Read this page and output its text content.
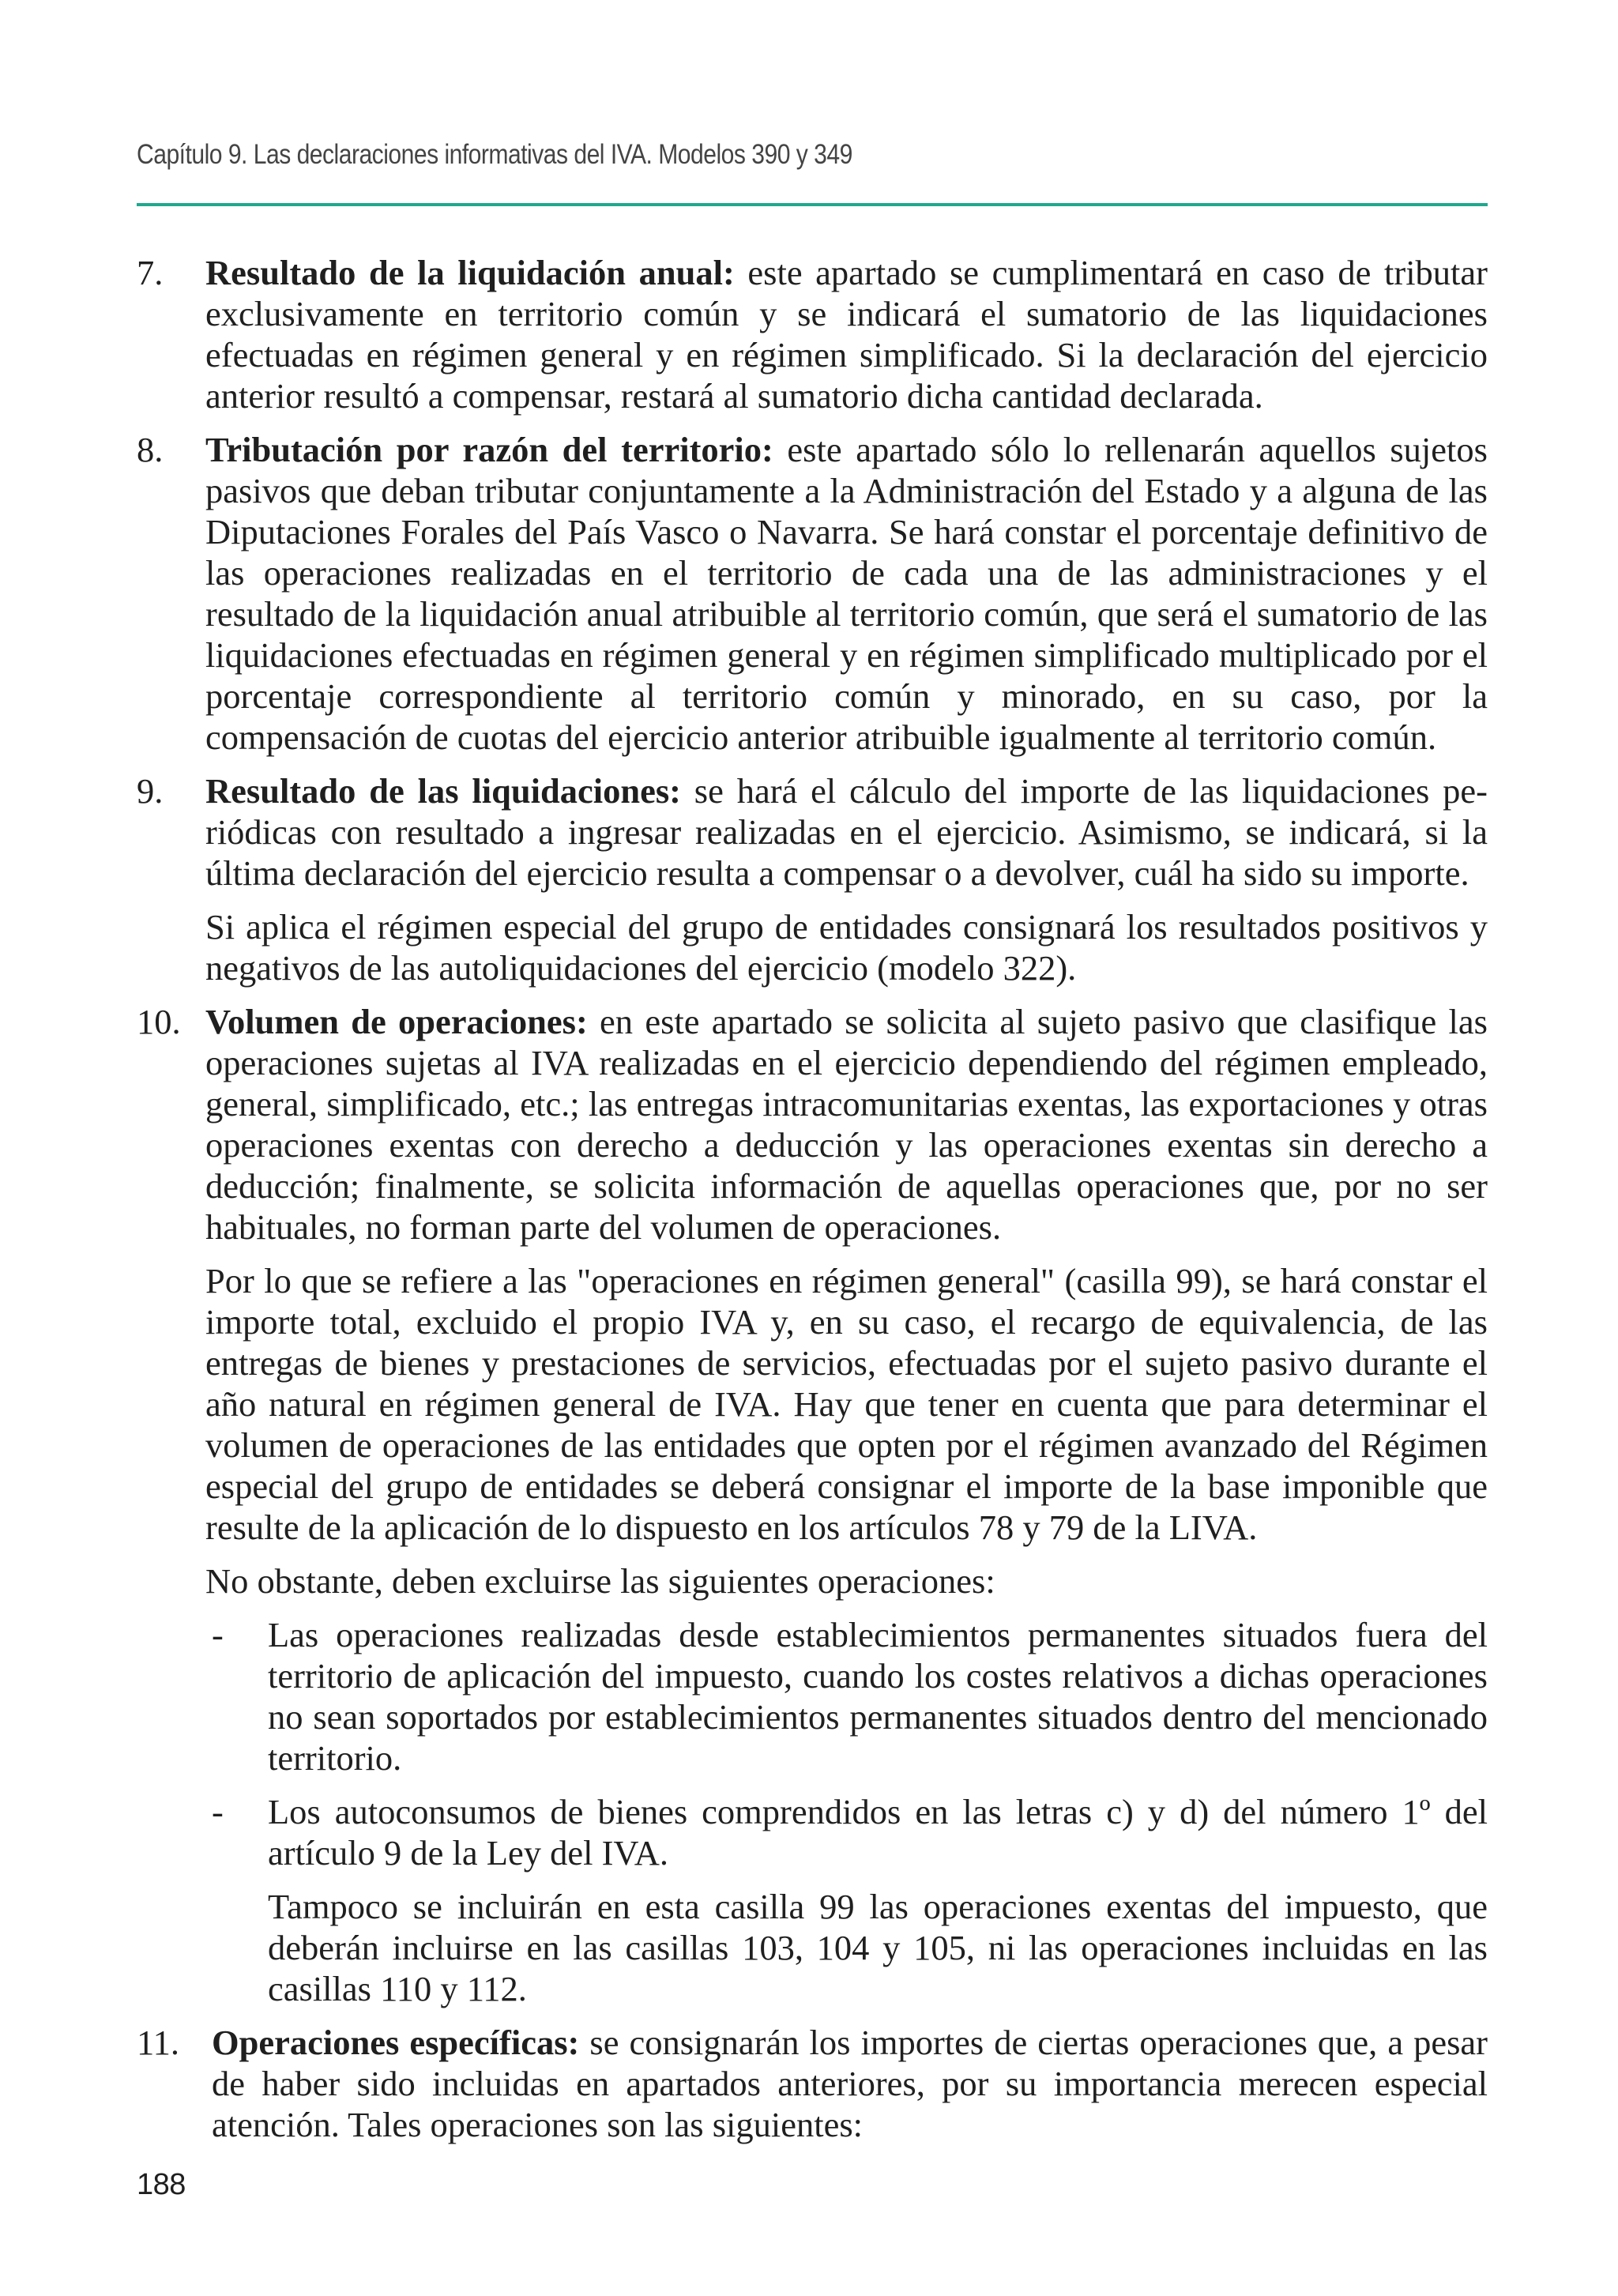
Capítulo 9. Las declaraciones informativas del IVA. Modelos 390 y 349
7. Resultado de la liquidación anual: este apartado se cumplimentará en caso de tributar exclusivamente en territorio común y se indicará el sumatorio de las liquidaciones efectuadas en régimen general y en régimen simplificado. Si la declaración del ejercicio anterior resultó a compensar, restará al sumatorio dicha cantidad declarada.

8. Tributación por razón del territorio: este apartado sólo lo rellenarán aquellos sujetos pasivos que deban tributar conjuntamente a la Administración del Estado y a alguna de las Diputaciones Forales del País Vasco o Navarra. Se hará constar el porcentaje definitivo de las operaciones realizadas en el territorio de cada una de las administraciones y el resultado de la liquidación anual atribuible al territorio común, que será el sumatorio de las liquidaciones efectuadas en régimen general y en régimen simplificado multiplicado por el porcentaje correspondiente al territorio común y minorado, en su caso, por la compensación de cuotas del ejercicio anterior atribuible igualmente al territorio común.

9. Resultado de las liquidaciones: se hará el cálculo del importe de las liquidaciones periódicas con resultado a ingresar realizadas en el ejercicio. Asimismo, se indicará, si la última declaración del ejercicio resulta a compensar o a devolver, cuál ha sido su importe.

Si aplica el régimen especial del grupo de entidades consignará los resultados positivos y negativos de las autoliquidaciones del ejercicio (modelo 322).

10. Volumen de operaciones: en este apartado se solicita al sujeto pasivo que clasifique las operaciones sujetas al IVA realizadas en el ejercicio dependiendo del régimen empleado, general, simplificado, etc.; las entregas intracomunitarias exentas, las exportaciones y otras operaciones exentas con derecho a deducción y las operaciones exentas sin derecho a deducción; finalmente, se solicita información de aquellas operaciones que, por no ser habituales, no forman parte del volumen de operaciones.

Por lo que se refiere a las "operaciones en régimen general" (casilla 99), se hará constar el importe total, excluido el propio IVA y, en su caso, el recargo de equivalencia, de las entregas de bienes y prestaciones de servicios, efectuadas por el sujeto pasivo durante el año natural en régimen general de IVA. Hay que tener en cuenta que para determinar el volumen de operaciones de las entidades que opten por el régimen avanzado del Régimen especial del grupo de entidades se deberá consignar el importe de la base imponible que resulte de la aplicación de lo dispuesto en los artículos 78 y 79 de la LIVA.

No obstante, deben excluirse las siguientes operaciones:

- Las operaciones realizadas desde establecimientos permanentes situados fuera del territorio de aplicación del impuesto, cuando los costes relativos a dichas operaciones no sean soportados por establecimientos permanentes situados dentro del mencionado territorio.

- Los autoconsumos de bienes comprendidos en las letras c) y d) del número 1º del artículo 9 de la Ley del IVA.

Tampoco se incluirán en esta casilla 99 las operaciones exentas del impuesto, que deberán incluirse en las casillas 103, 104 y 105, ni las operaciones incluidas en las casillas 110 y 112.

11. Operaciones específicas: se consignarán los importes de ciertas operaciones que, a pesar de haber sido incluidas en apartados anteriores, por su importancia merecen especial atención. Tales operaciones son las siguientes:

188
